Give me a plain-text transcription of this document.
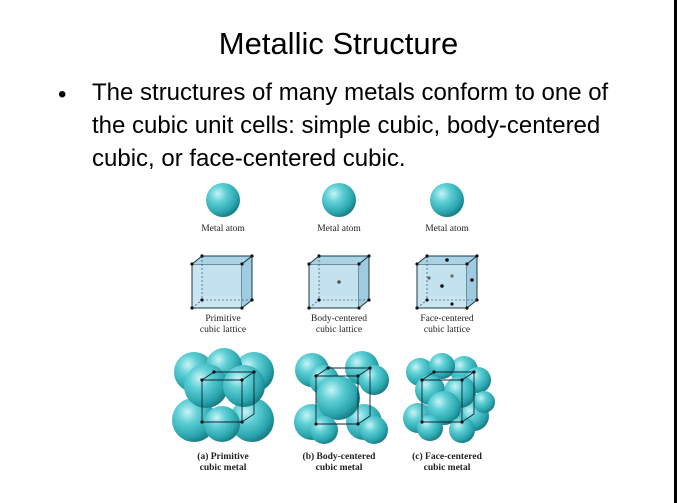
Metallic Structure
• The structures of many metals conform to one of the cubic unit cells: simple cubic, body-centered cubic, or face-centered cubic.
Metal atom
Primitive
cubic lattice
(a) Primitive
cubic metal
Metal atom
Body-centered
cubic lattice
(b) Body-centered
cubic metal
Metal atom
Face-centered
cubic lattice
(c) Face-centered
cubic metal
